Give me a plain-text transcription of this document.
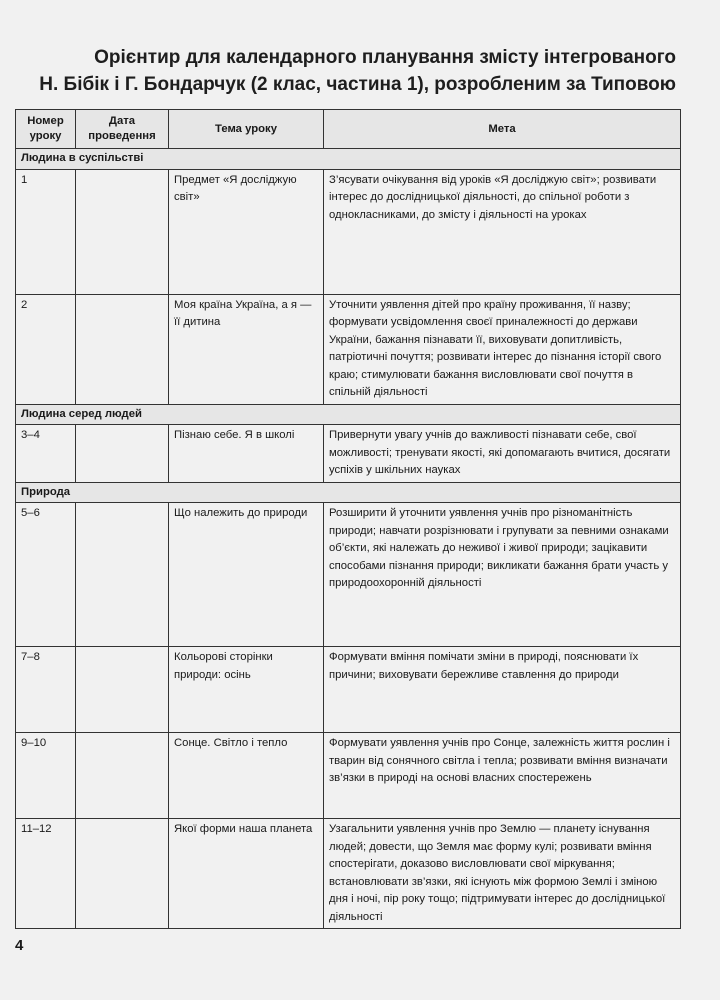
Орієнтир для календарного планування змісту інтегрованого
Н. Бібік і Г. Бондарчук (2 клас, частина 1), розробленим за Типовою
Номер уроку	Дата проведення	Тема уроку	Мета
Людина в суспільстві			
1		Предмет «Я досліджую світ»	З’ясувати очікування від уроків «Я досліджую світ»; розвивати інтерес до дослідницької діяльності, до спільної роботи з однокласниками, до змісту і діяльності на уроках
2		Моя країна Україна, а я — її дитина	Уточнити уявлення дітей про країну проживання, її назву; формувати усвідомлення своєї приналежності до держави України, бажання пізнавати її, виховувати допитливість, патріотичні почуття; розвивати інтерес до пізнання історії свого краю; стимулювати бажання висловлювати свої почуття в спільній діяльності
Людина серед людей			
3–4		Пізнаю себе. Я в школі	Привернути увагу учнів до важливості пізнавати себе, свої можливості; тренувати якості, які допомагають вчитися, досягати успіхів у шкільних науках
Природа			
5–6		Що належить до природи	Розширити й уточнити уявлення учнів про різноманітність природи; навчати розрізнювати і групувати за певними ознаками об’єкти, які належать до неживої і живої природи; зацікавити способами пізнання природи; викликати бажання брати участь у природоохоронній діяльності
7–8		Кольорові сторінки природи: осінь	Формувати вміння помічати зміни в природі, пояснювати їх причини; виховувати бережливе ставлення до природи
9–10		Сонце. Світло і тепло	Формувати уявлення учнів про Сонце, залежність життя рослин і тварин від сонячного світла і тепла; розвивати вміння визначати зв’язки в природі на основі власних спостережень
11–12		Якої форми наша планета	Узагальнити уявлення учнів про Землю — планету існування людей; довести, що Земля має форму кулі; розвивати вміння спостерігати, доказово висловлювати свої міркування; встановлювати зв’язки, які існують між формою Землі і зміною дня і ночі, пір року тощо; підтримувати інтерес до дослідницької діяльності
4
